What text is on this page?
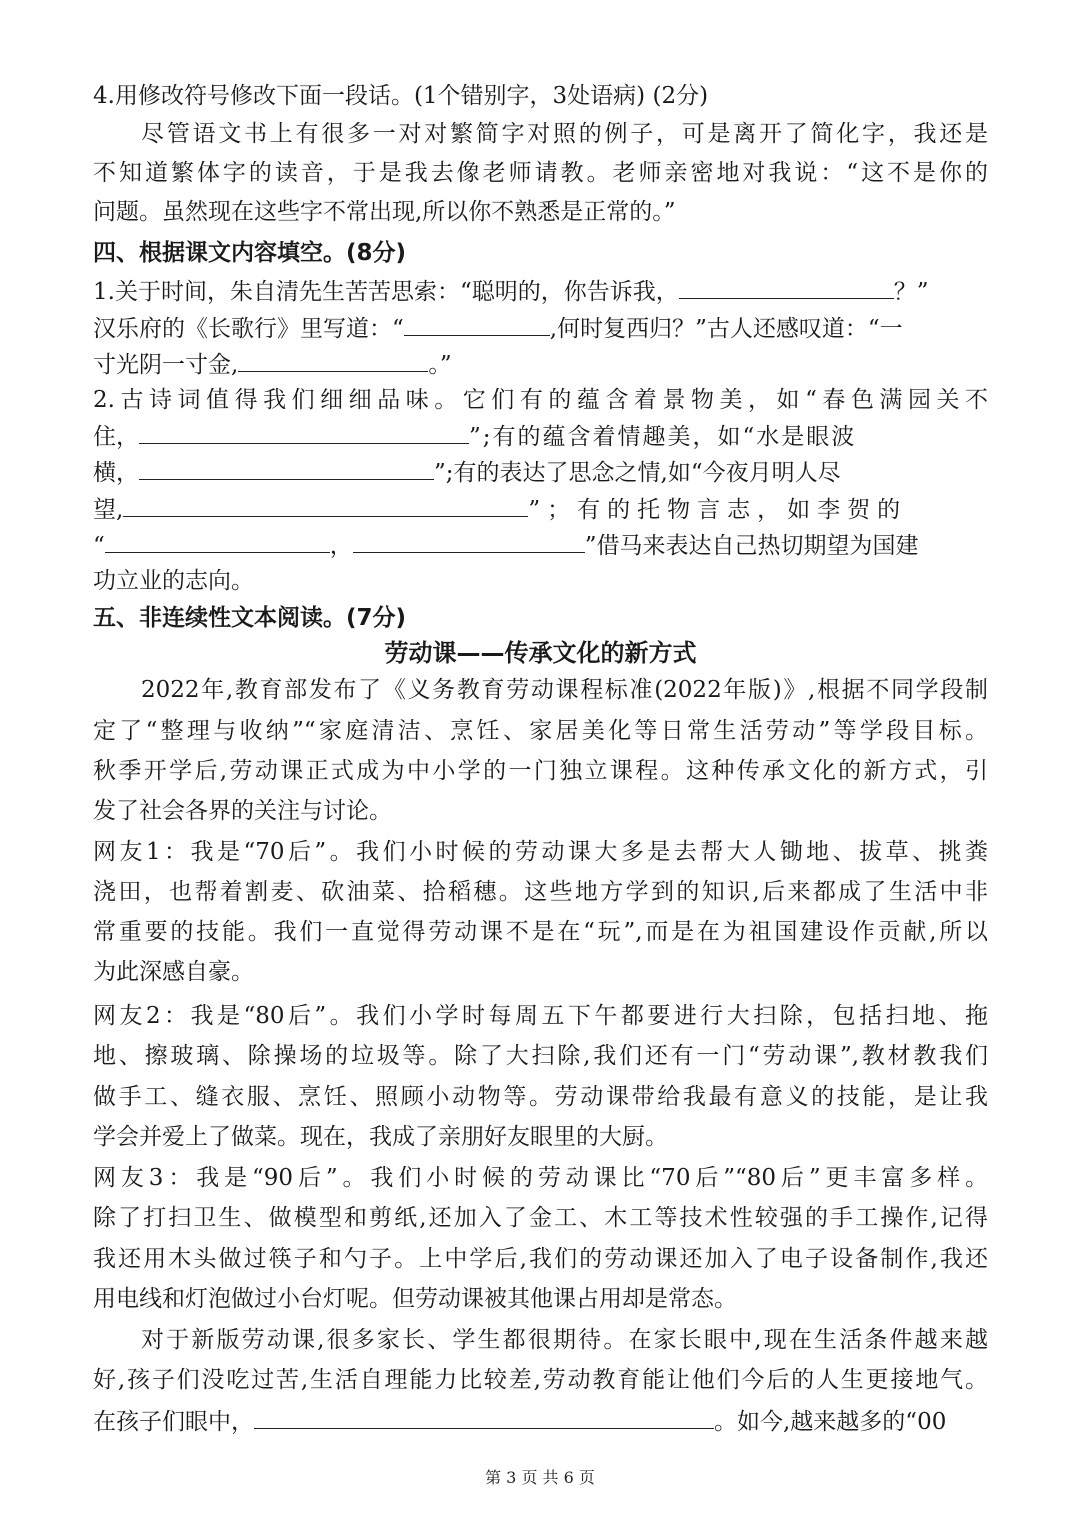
4.用修改符号修改下面一段话。(1个错别字，3处语病) (2分)
尽管语文书上有很多一对对繁简字对照的例子，可是离开了简化字，我还是
不知道繁体字的读音，于是我去像老师请教。老师亲密地对我说：“这不是你的
问题。虽然现在这些字不常出现,所以你不熟悉是正常的。”
四、根据课文内容填空。(8分)
1.关于时间，朱自清先生苦苦思索：“聪明的，你告诉我，	？”
汉乐府的《长歌行》里写道：“	,何时复西归？”古人还感叹道：“一
寸光阴一寸金,	。”
2.古诗词值得我们细细品味。它们有的蕴含着景物美，如“春色满园关不
住，	”;有的蕴含着情趣美，如“水是眼波
横，	”;有的表达了思念之情,如“今夜月明人尽
望,	”；有的托物言志，如李贺的
“	，	”借马来表达自己热切期望为国建
功立业的志向。
五、非连续性文本阅读。(7分)
劳动课——传承文化的新方式
2022年,教育部发布了《义务教育劳动课程标准(2022年版)》,根据不同学段制
定了“整理与收纳”“家庭清洁、烹饪、家居美化等日常生活劳动”等学段目标。
秋季开学后,劳动课正式成为中小学的一门独立课程。这种传承文化的新方式，引
发了社会各界的关注与讨论。
网友1：我是“70后”。我们小时候的劳动课大多是去帮大人锄地、拔草、挑粪
浇田，也帮着割麦、砍油菜、拾稻穗。这些地方学到的知识,后来都成了生活中非
常重要的技能。我们一直觉得劳动课不是在“玩”,而是在为祖国建设作贡献,所以
为此深感自豪。
网友2：我是“80后”。我们小学时每周五下午都要进行大扫除，包括扫地、拖
地、擦玻璃、除操场的垃圾等。除了大扫除,我们还有一门“劳动课”,教材教我们
做手工、缝衣服、烹饪、照顾小动物等。劳动课带给我最有意义的技能，是让我
学会并爱上了做菜。现在，我成了亲朋好友眼里的大厨。
网友3：我是“90后”。我们小时候的劳动课比“70后”“80后”更丰富多样。
除了打扫卫生、做模型和剪纸,还加入了金工、木工等技术性较强的手工操作,记得
我还用木头做过筷子和勺子。上中学后,我们的劳动课还加入了电子设备制作,我还
用电线和灯泡做过小台灯呢。但劳动课被其他课占用却是常态。
对于新版劳动课,很多家长、学生都很期待。在家长眼中,现在生活条件越来越
好,孩子们没吃过苦,生活自理能力比较差,劳动教育能让他们今后的人生更接地气。
在孩子们眼中，	。如今,越来越多的“00
第 3 页 共 6 页
